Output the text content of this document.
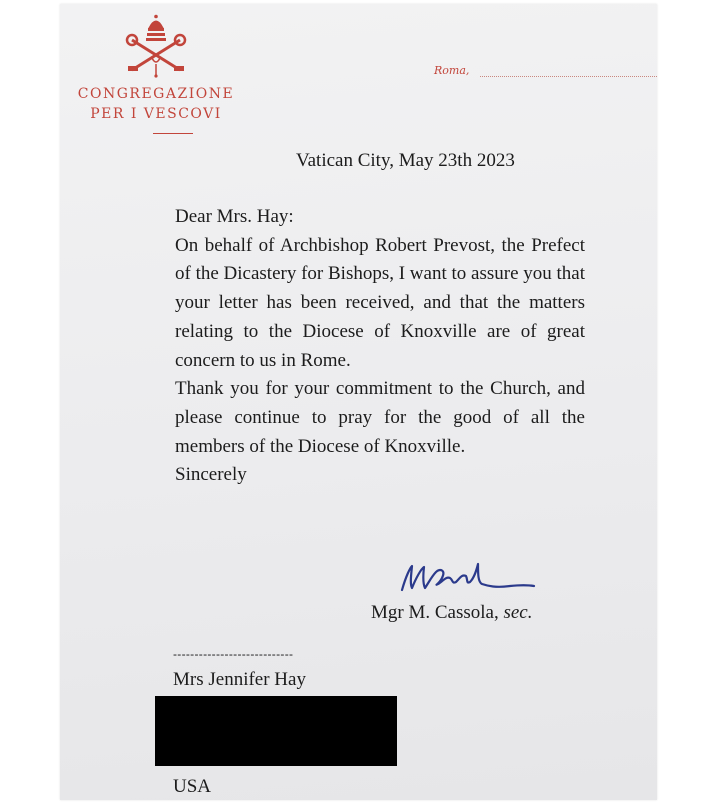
CONGREGAZIONE
PER I VESCOVI
Roma,
Vatican City, May 23th 2023

Dear Mrs. Hay:

On behalf of Archbishop Robert Prevost, the Prefect of the Dicastery for Bishops, I want to assure you that your letter has been received, and that the matters relating to the Diocese of Knoxville are of great concern to us in Rome.

Thank you for your commitment to the Church, and please continue to pray for the good of all the members of the Diocese of Knoxville.

Sincerely

Mgr M. Cassola, sec.
----------------------------
Mrs Jennifer Hay
USA
